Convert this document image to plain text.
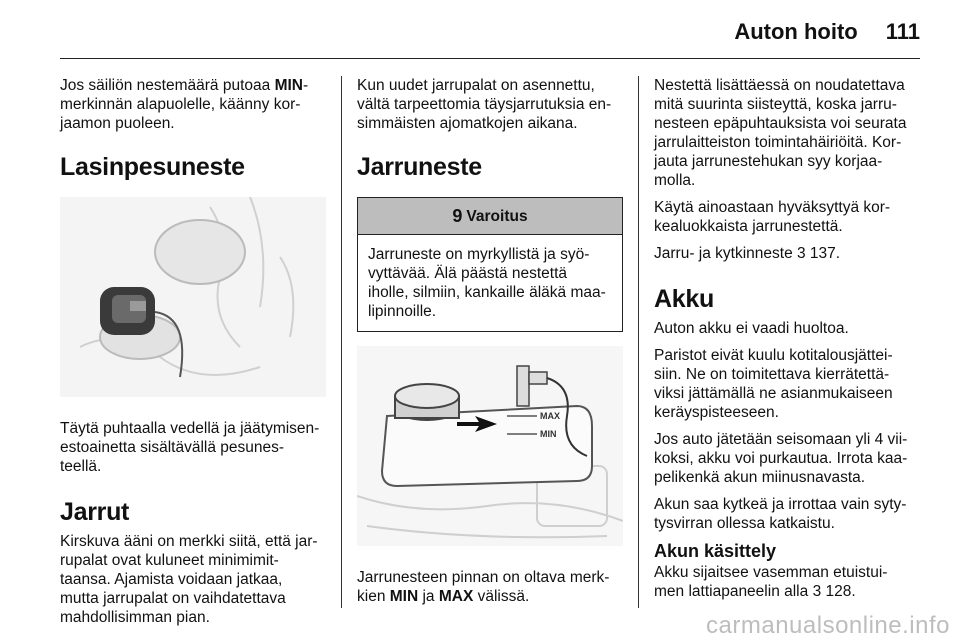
Auton hoito 111

Jos säiliön nestemäärä putoaa MIN-
merkinnän alapuolelle, käänny kor-
jaamon puoleen.

Lasinpesuneste

Täytä puhtaalla vedellä ja jäätymisen-
estoainetta sisältävällä pesunes-
teellä.

Jarrut

Kirskuva ääni on merkki siitä, että jar-
rupalat ovat kuluneet minimimit-
taansa. Ajamista voidaan jatkaa,
mutta jarrupalat on vaihdatettava
mahdollisimman pian.

Kun uudet jarrupalat on asennettu,
vältä tarpeettomia täysjarrutuksia en-
simmäisten ajomatkojen aikana.

Jarruneste
9 Varoitus
Jarruneste on myrkyllistä ja syö-
vyttävää. Älä päästä nestettä
iholle, silmiin, kankaille äläkä maa-
lipinnoille.
MAX
MIN

Jarrunesteen pinnan on oltava merk-
kien MIN ja MAX välissä.

Nestettä lisättäessä on noudatettava
mitä suurinta siisteyttä, koska jarru-
nesteen epäpuhtauksista voi seurata
jarrulaitteiston toimintahäiriöitä. Kor-
jauta jarrunestehukan syy korjaa-
molla.

Käytä ainoastaan hyväksyttyä kor-
kealuokkaista jarrunestettä.

Jarru- ja kytkinneste 3 137.

Akku

Auton akku ei vaadi huoltoa.

Paristot eivät kuulu kotitalousjättei-
siin. Ne on toimitettava kierrätettä-
viksi jättämällä ne asianmukaiseen
keräyspisteeseen.

Jos auto jätetään seisomaan yli 4 vii-
koksi, akku voi purkautua. Irrota kaa-
pelikenkä akun miinusnavasta.

Akun saa kytkeä ja irrottaa vain syty-
tysvirran ollessa katkaistu.

Akun käsittely

Akku sijaitsee vasemman etuistui-
men lattiapaneelin alla 3 128.

carmanualsonline.info
